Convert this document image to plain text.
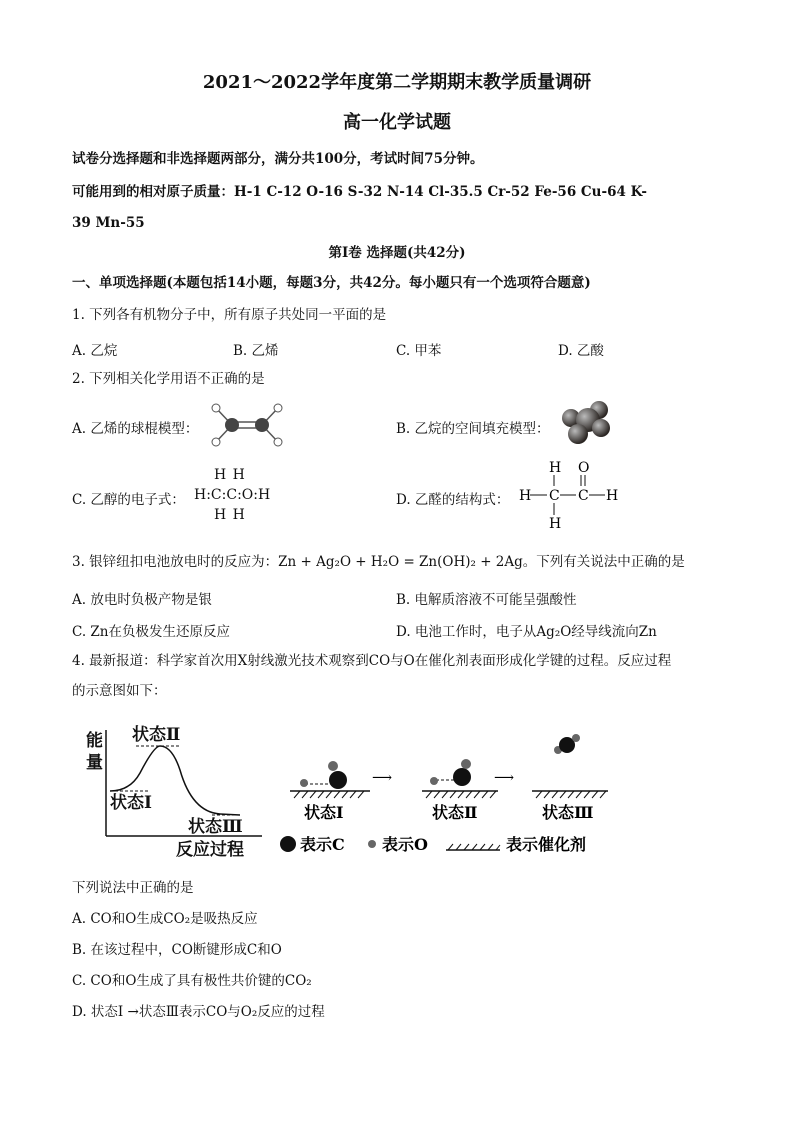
2021～2022学年度第二学期期末教学质量调研
高一化学试题
试卷分选择题和非选择题两部分，满分共100分，考试时间75分钟。
可能用到的相对原子质量：H-1 C-12 O-16 S-32 N-14 Cl-35.5 Cr-52 Fe-56 Cu-64 K-
39 Mn-55
第Ⅰ卷 选择题(共42分)
一、单项选择题(本题包括14小题，每题3分，共42分。每小题只有一个选项符合题意)
1. 下列各有机物分子中，所有原子共处同一平面的是
A. 乙烷	B. 乙烯	C. 甲苯	D. 乙酸
2. 下列相关化学用语不正确的是
A. 乙烯的球棍模型：	B. 乙烷的空间填充模型：
C. 乙醇的电子式：
H H
H:C:C:O:H
H H
D. 乙醛的结构式：
H
H C C H
O
H
3. 银锌纽扣电池放电时的反应为：Zn + Ag₂O + H₂O = Zn(OH)₂ + 2Ag。下列有关说法中正确的是
A. 放电时负极产物是银	B. 电解质溶液不可能呈强酸性
C. Zn在负极发生还原反应	D. 电池工作时，电子从Ag₂O经导线流向Zn
4. 最新报道：科学家首次用X射线激光技术观察到CO与O在催化剂表面形成化学键的过程。反应过程
的示意图如下：
能
量
反应过程
状态Ⅱ
状态Ⅰ
状态Ⅲ
状态Ⅰ
⟶
状态Ⅱ
⟶
状态Ⅲ
表示C 表示O	表示催化剂
下列说法中正确的是
A. CO和O生成CO₂是吸热反应
B. 在该过程中，CO断键形成C和O
C. CO和O生成了具有极性共价键的CO₂
D. 状态Ⅰ →状态Ⅲ表示CO与O₂反应的过程
